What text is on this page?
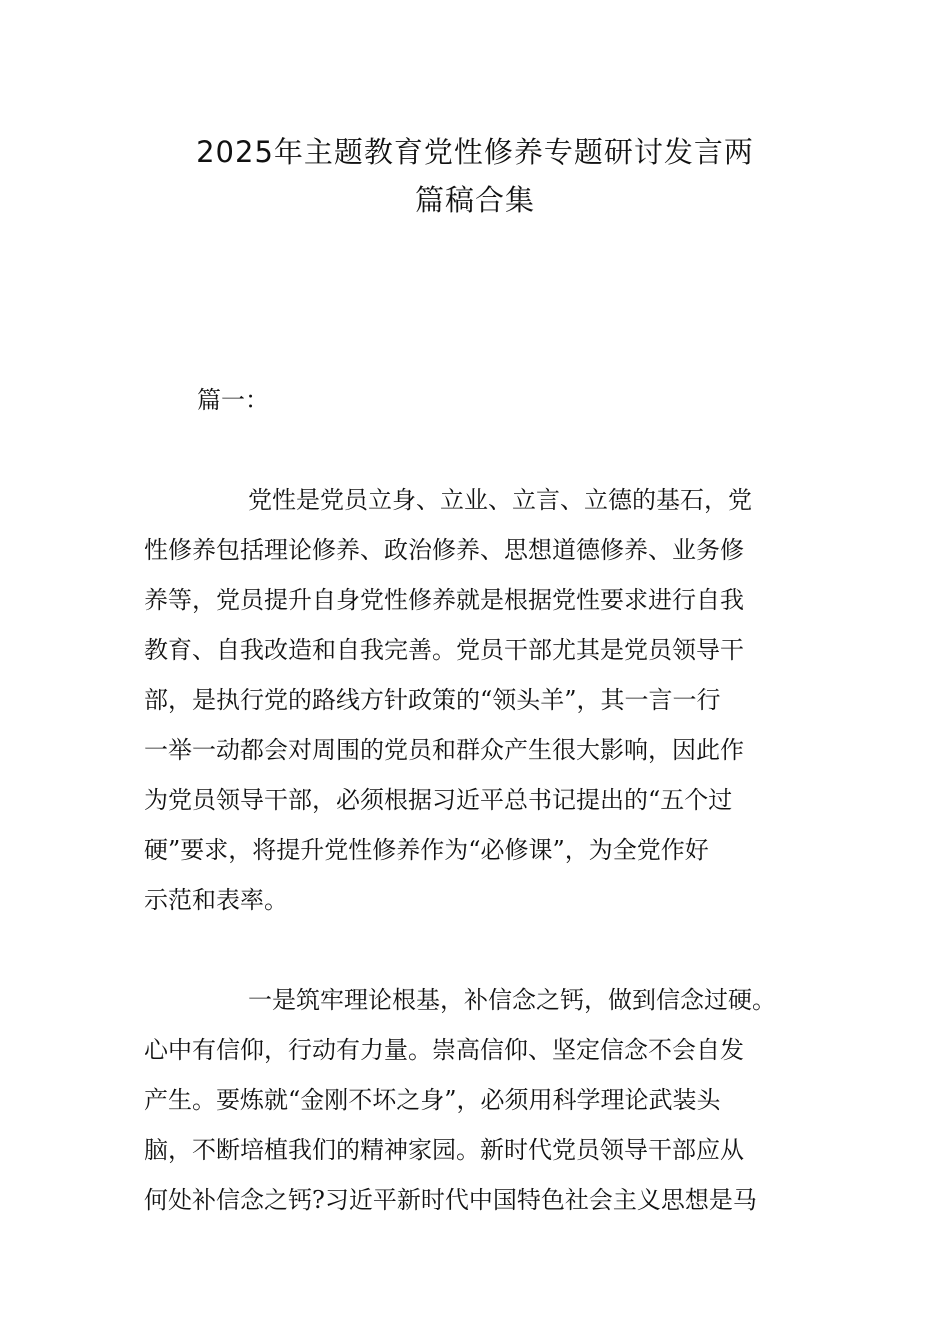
2025年主题教育党性修养专题研讨发言两
篇稿合集
篇一：
党性是党员立身、立业、立言、立德的基石，党
性修养包括理论修养、政治修养、思想道德修养、业务修
养等，党员提升自身党性修养就是根据党性要求进行自我
教育、自我改造和自我完善。党员干部尤其是党员领导干
部，是执行党的路线方针政策的“领头羊”，其一言一行
一举一动都会对周围的党员和群众产生很大影响，因此作
为党员领导干部，必须根据习近平总书记提出的“五个过
硬”要求，将提升党性修养作为“必修课”，为全党作好
示范和表率。
一是筑牢理论根基，补信念之钙，做到信念过硬。
心中有信仰，行动有力量。崇高信仰、坚定信念不会自发
产生。要炼就“金刚不坏之身”，必须用科学理论武装头
脑，不断培植我们的精神家园。新时代党员领导干部应从
何处补信念之钙?习近平新时代中国特色社会主义思想是马
